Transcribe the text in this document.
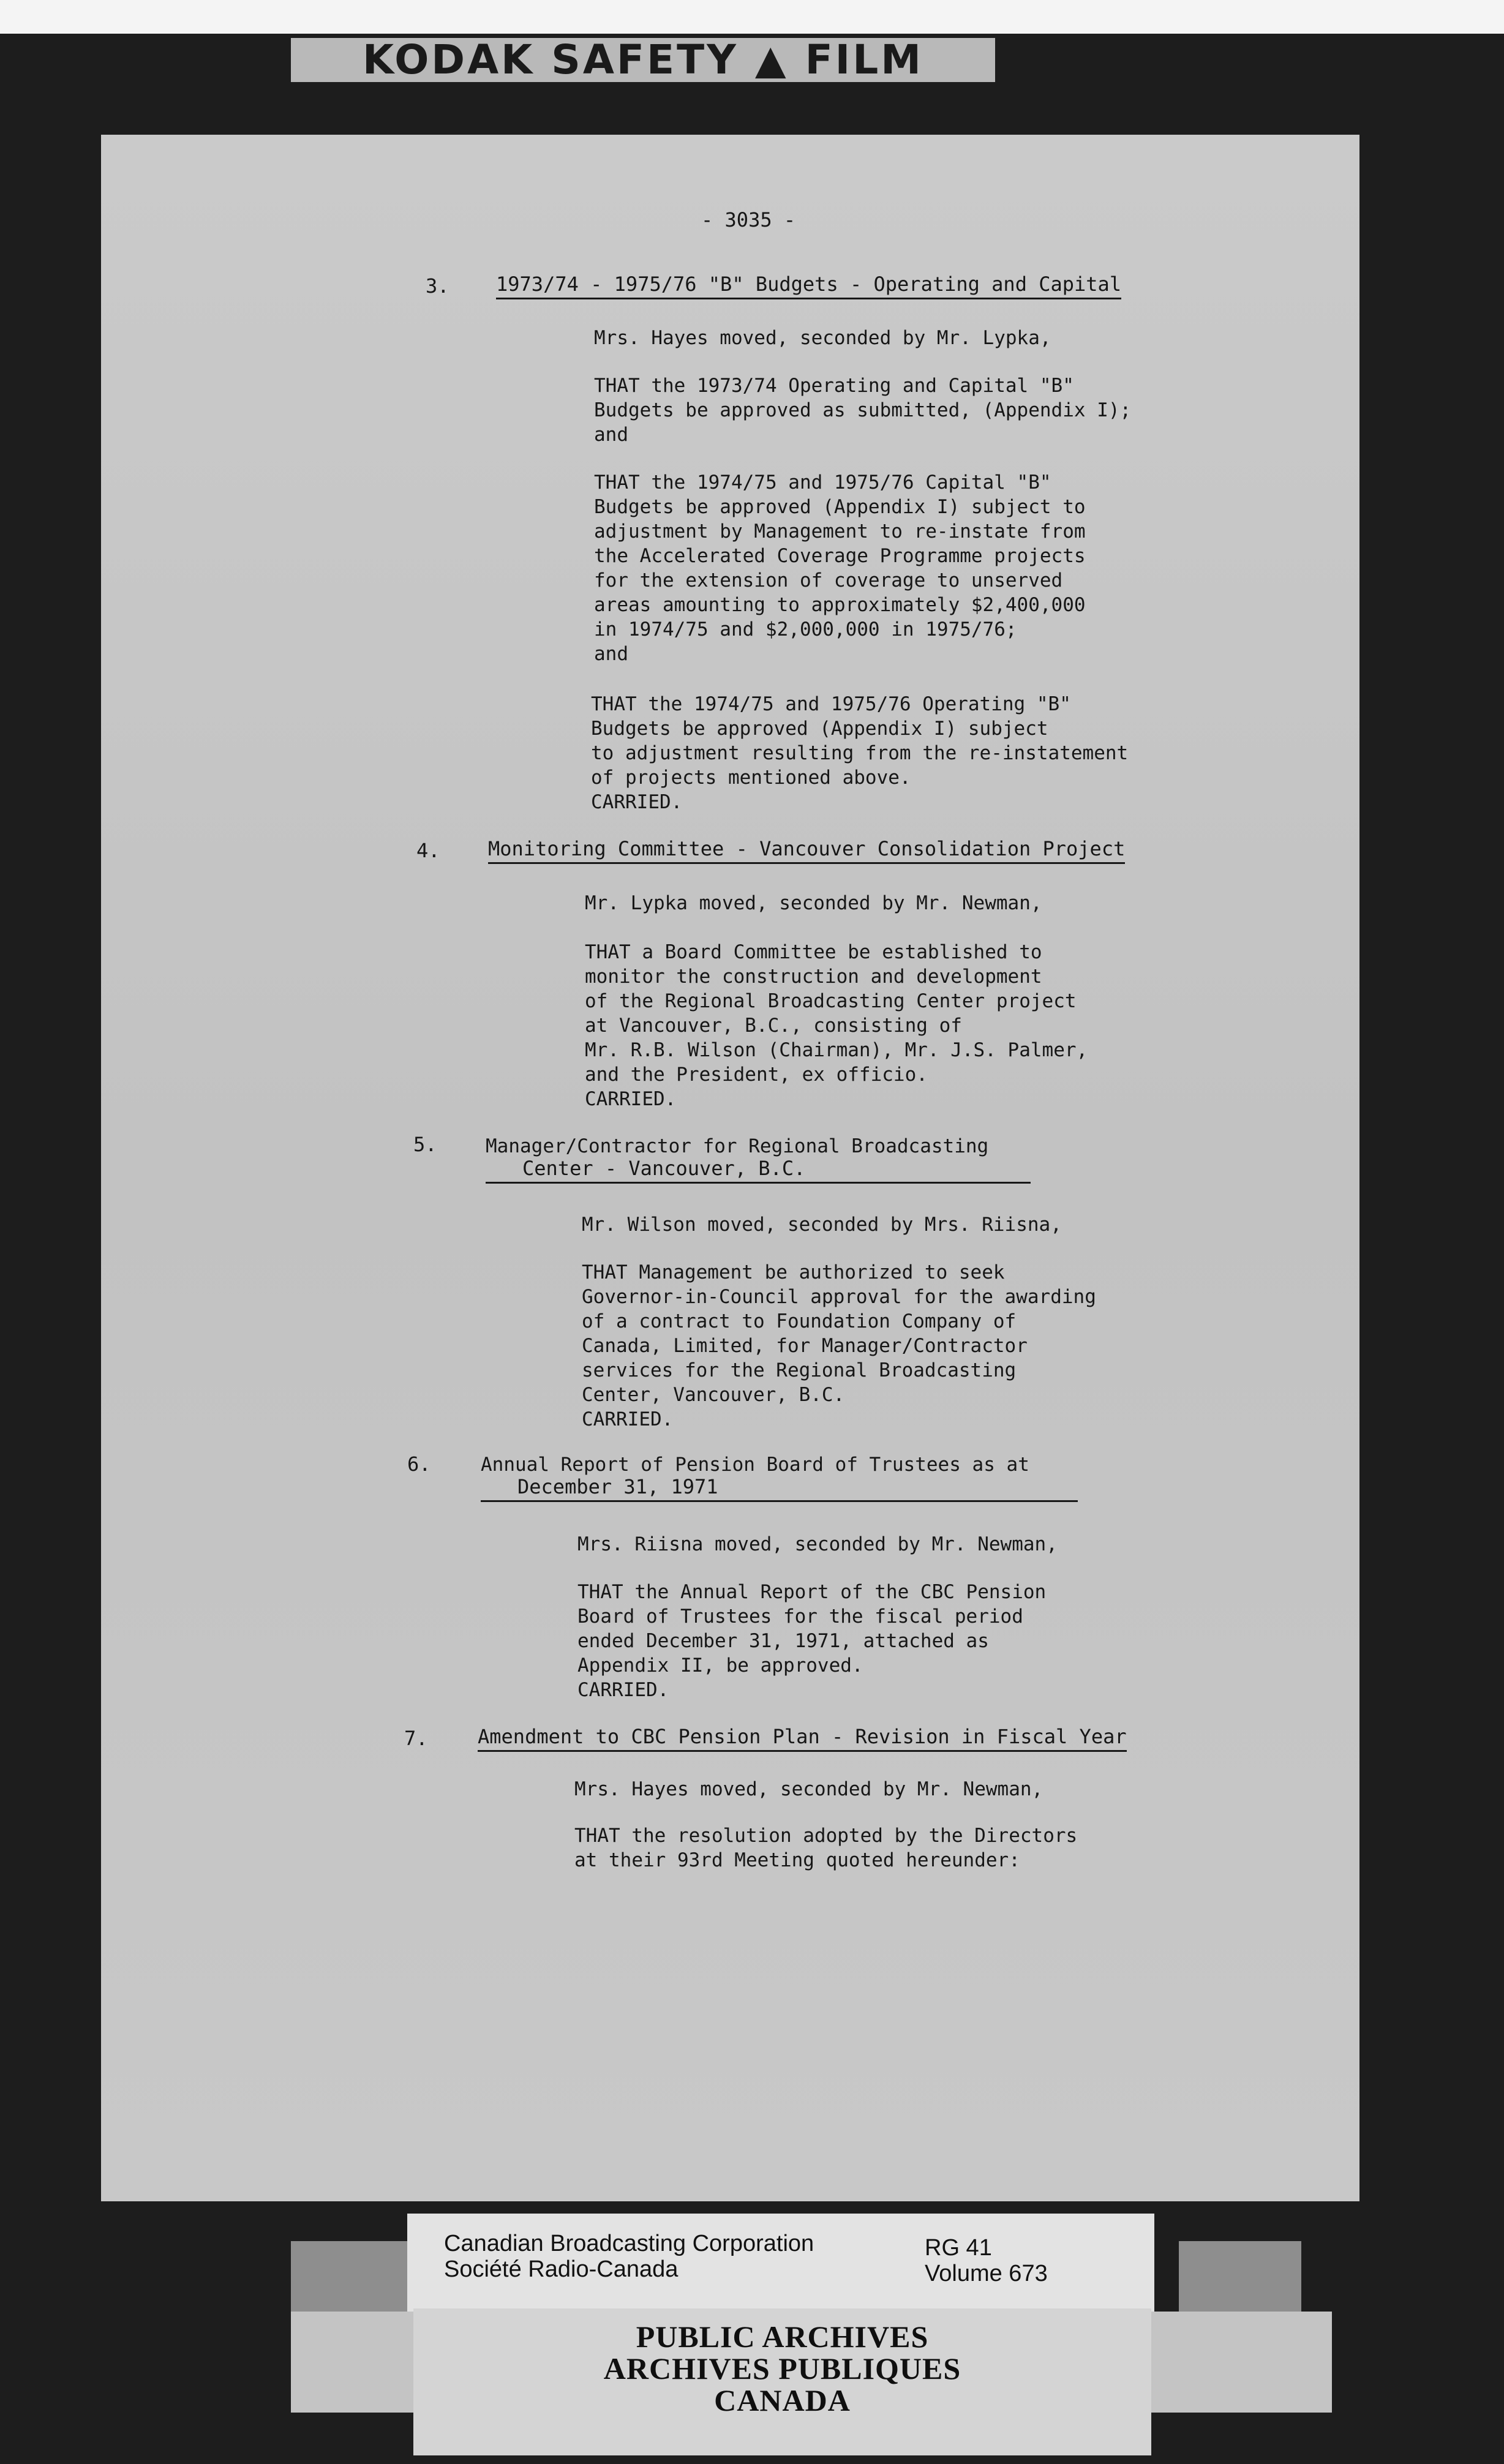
KODAK SAFETY ▲ FILM
- 3035 -
3. 1973/74 - 1975/76 "B" Budgets - Operating and Capital
Mrs. Hayes moved, seconded by Mr. Lypka,
THAT the 1973/74 Operating and Capital "B"
Budgets be approved as submitted, (Appendix I);
and
THAT the 1974/75 and 1975/76 Capital "B"
Budgets be approved (Appendix I) subject to
adjustment by Management to re-instate from
the Accelerated Coverage Programme projects
for the extension of coverage to unserved
areas amounting to approximately $2,400,000
in 1974/75 and $2,000,000 in 1975/76;
and
THAT the 1974/75 and 1975/76 Operating "B"
Budgets be approved (Appendix I) subject
to adjustment resulting from the re-instatement
of projects mentioned above.
CARRIED.
4. Monitoring Committee - Vancouver Consolidation Project
Mr. Lypka moved, seconded by Mr. Newman,
THAT a Board Committee be established to
monitor the construction and development
of the Regional Broadcasting Center project
at Vancouver, B.C., consisting of
Mr. R.B. Wilson (Chairman), Mr. J.S. Palmer,
and the President, ex officio.
CARRIED.
5.	Manager/Contractor for Regional Broadcasting
Center - Vancouver, B.C.
Mr. Wilson moved, seconded by Mrs. Riisna,
THAT Management be authorized to seek
Governor-in-Council approval for the awarding
of a contract to Foundation Company of
Canada, Limited, for Manager/Contractor
services for the Regional Broadcasting
Center, Vancouver, B.C.
CARRIED.
6.	Annual Report of Pension Board of Trustees as at
December 31, 1971
Mrs. Riisna moved, seconded by Mr. Newman,
THAT the Annual Report of the CBC Pension
Board of Trustees for the fiscal period
ended December 31, 1971, attached as
Appendix II, be approved.
CARRIED.
7.	Amendment to CBC Pension Plan - Revision in Fiscal Year
Mrs. Hayes moved, seconded by Mr. Newman,
THAT the resolution adopted by the Directors
at their 93rd Meeting quoted hereunder:
Canadian Broadcasting Corporation
Société Radio-Canada
RG 41
Volume 673
PUBLIC ARCHIVES
ARCHIVES PUBLIQUES
CANADA
